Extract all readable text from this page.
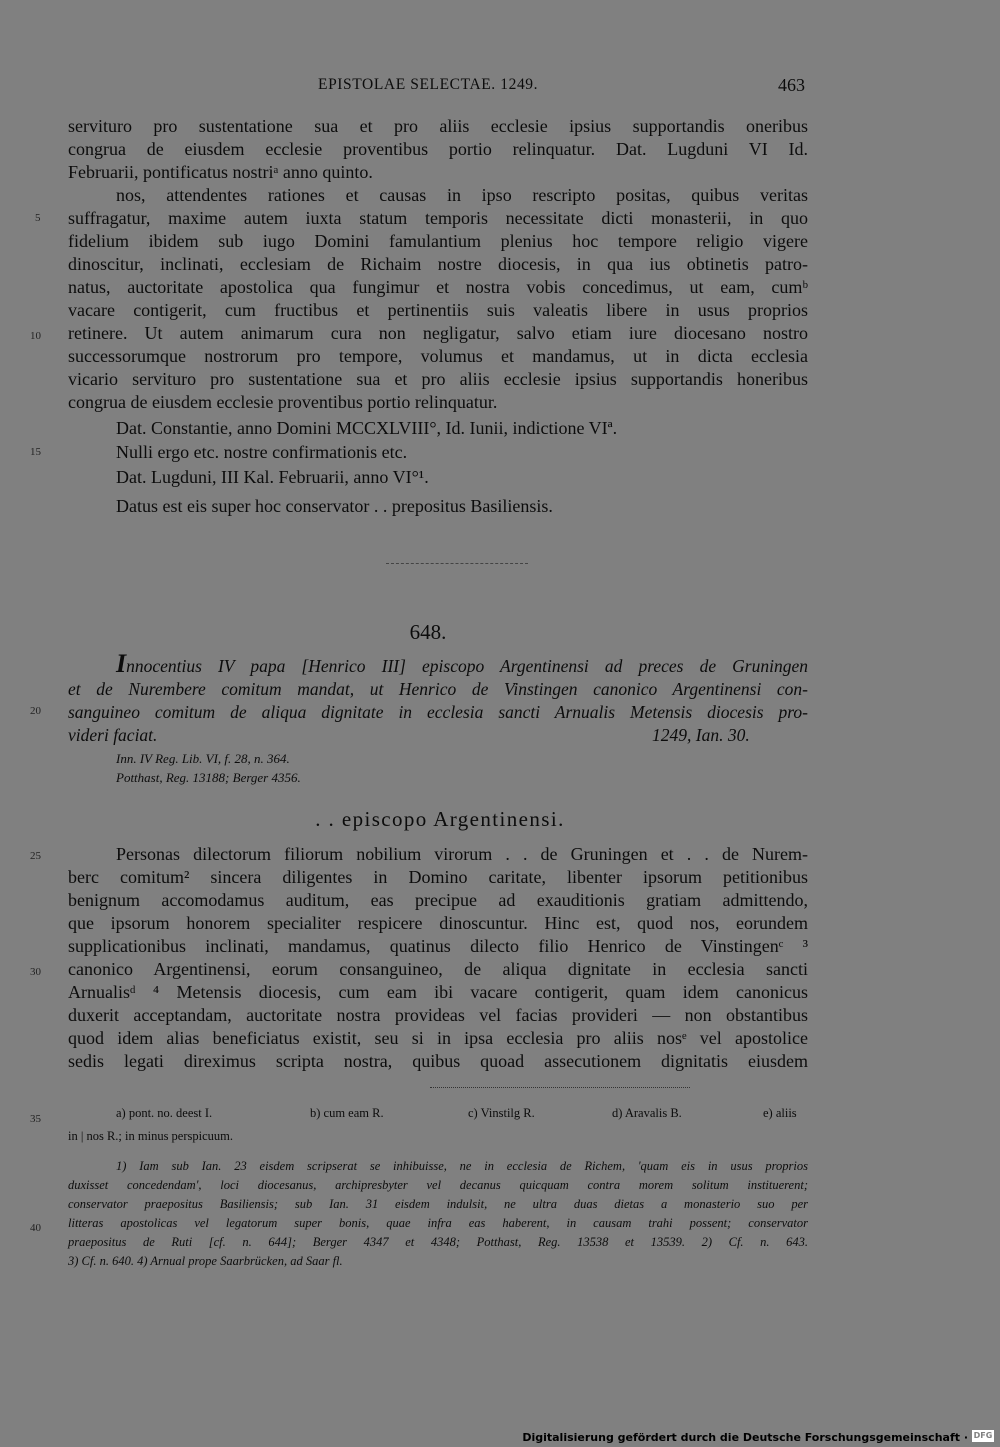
EPISTOLAE SELECTAE. 1249.	463
servituro pro sustentatione sua et pro aliis ecclesie ipsius supportandis oneribus
congrua de eiusdem ecclesie proventibus portio relinquatur. Dat. Lugduni VI Id.
Februarii, pontificatus nostriᵃ anno quinto.
nos, attendentes rationes et causas in ipso rescripto positas, quibus veritas
suffragatur, maxime autem iuxta statum temporis necessitate dicti monasterii, in quo
fidelium ibidem sub iugo Domini famulantium plenius hoc tempore religio vigere
dinoscitur, inclinati, ecclesiam de Richaim nostre diocesis, in qua ius obtinetis patro-
natus, auctoritate apostolica qua fungimur et nostra vobis concedimus, ut eam, cumᵇ
vacare contigerit, cum fructibus et pertinentiis suis valeatis libere in usus proprios
retinere. Ut autem animarum cura non negligatur, salvo etiam iure diocesano nostro
successorumque nostrorum pro tempore, volumus et mandamus, ut in dicta ecclesia
vicario servituro pro sustentatione sua et pro aliis ecclesie ipsius supportandis honeribus
congrua de eiusdem ecclesie proventibus portio relinquatur.
Dat. Constantie, anno Domini MCCXLVIII°, Id. Iunii, indictione VIª.
Nulli ergo etc. nostre confirmationis etc.
Dat. Lugduni, III Kal. Februarii, anno VI°¹.
Datus est eis super hoc conservator . . prepositus Basiliensis.
5
10
15
20
25
30
35
40
648.
Innocentius IV papa [Henrico III] episcopo Argentinensi ad preces de Gruningen
et de Nurembere comitum mandat, ut Henrico de Vinstingen canonico Argentinensi con-
sanguineo comitum de aliqua dignitate in ecclesia sancti Arnualis Metensis diocesis pro-
videri faciat.	1249, Ian. 30.
Inn. IV Reg. Lib. VI, f. 28, n. 364.
Potthast, Reg. 13188; Berger 4356.
. . episcopo Argentinensi.
Personas dilectorum filiorum nobilium virorum . . de Gruningen et . . de Nurem-
berc comitum² sincera diligentes in Domino caritate, libenter ipsorum petitionibus
benignum accomodamus auditum, eas precipue ad exauditionis gratiam admittendo,
que ipsorum honorem specialiter respicere dinoscuntur. Hinc est, quod nos, eorundem
supplicationibus inclinati, mandamus, quatinus dilecto filio Henrico de Vinstingenᶜ ³
canonico Argentinensi, eorum consanguineo, de aliqua dignitate in ecclesia sancti
Arnualisᵈ ⁴ Metensis diocesis, cum eam ibi vacare contigerit, quam idem canonicus
duxerit acceptandam, auctoritate nostra provideas vel facias provideri — non obstantibus
quod idem alias beneficiatus existit, seu si in ipsa ecclesia pro aliis nosᵉ vel apostolice
sedis legati direximus scripta nostra, quibus quoad assecutionem dignitatis eiusdem
a) pont. no. deest I.	b) cum eam R.	c) Vinstilg R.	d) Aravalis B.	e) aliis
in | nos R.; in minus perspicuum.
1) Iam sub Ian. 23 eisdem scripserat se inhibuisse, ne in ecclesia de Richem, 'quam eis in usus proprios
duxisset concedendam', loci diocesanus, archipresbyter vel decanus quicquam contra morem solitum instituerent;
conservator praepositus Basiliensis; sub Ian. 31 eisdem indulsit, ne ultra duas dietas a monasterio suo per
litteras apostolicas vel legatorum super bonis, quae infra eas haberent, in causam trahi possent; conservator
praepositus de Ruti [cf. n. 644]; Berger 4347 et 4348; Potthast, Reg. 13538 et 13539. 2) Cf. n. 643.
3) Cf. n. 640. 4) Arnual prope Saarbrücken, ad Saar fl.
Digitalisierung gefördert durch die Deutsche Forschungsgemeinschaft · DFG
